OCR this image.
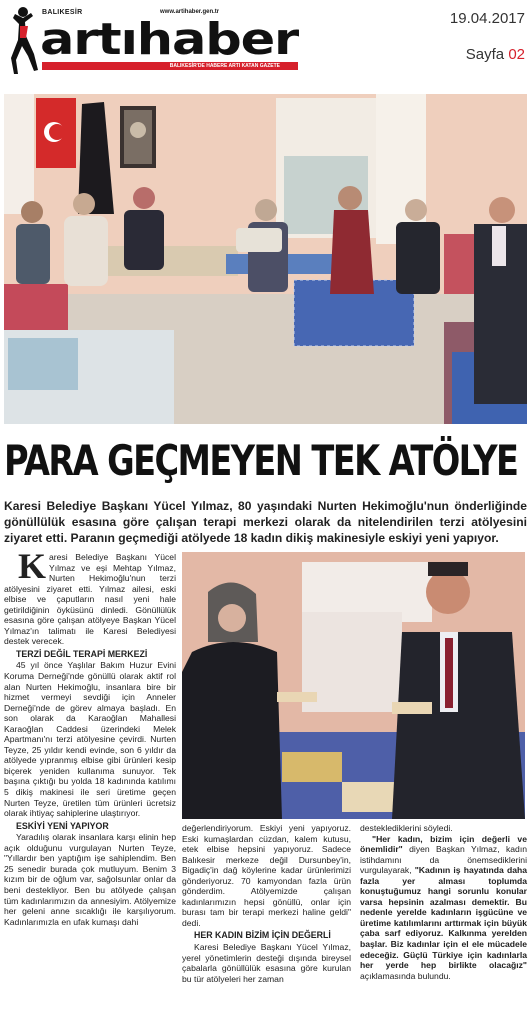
BALIKESİR	www.artihaber.gen.tr
artıhaber
BALIKESİR'DE HABERE ARTI KATAN GAZETE
19.04.2017
Sayfa 02
PARA GEÇMEYEN TEK ATÖLYE
Karesi Belediye Başkanı Yücel Yılmaz, 80 yaşındaki Nurten Hekimoğlu'nun önderliğinde gönüllülük esasına göre çalışan terapi merkezi olarak da nitelendirilen terzi atölyesini ziyaret etti. Paranın geçmediği atölyede 18 kadın dikiş makinesiyle eskiyi yeni yapıyor.

Karesi Belediye Başkanı Yücel Yılmaz ve eşi Mehtap Yılmaz, Nurten Hekimoğlu'nun terzi atölyesini ziyaret etti. Yılmaz ailesi, eski elbise ve çaputların nasıl yeni hale getirildiğinin öyküsünü dinledi. Gönüllülük esasına göre çalışan atölyeye Başkan Yücel Yılmaz'ın talimatı ile Karesi Belediyesi destek verecek.

TERZİ DEĞİL TERAPİ MERKEZİ

45 yıl önce Yaşlılar Bakım Huzur Evini Koruma Derneği'nde gönüllü olarak aktif rol alan Nurten Hekimoğlu, insanlara bire bir hizmet vermeyi sevdiği için Anneler Derneği'nde de görev almaya başladı. En son olarak da Karaoğlan Mahallesi Karaoğlan Caddesi üzerindeki Melek Apartmanı'nı terzi atölyesine çevirdi. Nurten Teyze, 25 yıldır kendi evinde, son 6 yıldır da atölyede yıpranmış elbise gibi ürünleri kesip biçerek yeniden kullanıma sunuyor. Tek başına çıktığı bu yolda 18 kadınında katılımı 5 dikiş makinesi ile seri üretime geçen Nurten Teyze, üretilen tüm ürünleri ücretsiz olarak ihtiyaç sahiplerine ulaştırıyor.

ESKİYİ YENİ YAPIYOR

Yaradılış olarak insanlara karşı elinin hep açık olduğunu vurgulayan Nurten Teyze, "Yıllardır ben yaptığım işe sahiplendim. Ben 25 senedir burada çok mutluyum. Benim 3 kızım bir de oğlum var, sağolsunlar onlar da beni destekliyor. Ben bu atölyede çalışan tüm kadınlarımızın da annesiyim. Atölyemize her geleni anne sıcaklığı ile karşılıyorum. Kadınlarımızla en ufak kumaşı dahi

değerlendiriyorum. Eskiyi yeni yapıyoruz. Eski kumaşlardan cüzdan, kalem kutusu, etek elbise hepsini yapıyoruz. Sadece Balıkesir merkeze değil Dursunbey'in, Bigadiç'in dağ köylerine kadar ürünlerimizi gönderiyoruz. 70 kamyondan fazla ürün gönderdim. Atölyemizde çalışan kadınlarımızın hepsi gönüllü, onlar için burası tam bir terapi merkezi haline geldi" dedi.

HER KADIN BİZİM İÇİN DEĞERLİ

Karesi Belediye Başkanı Yücel Yılmaz, yerel yönetimlerin desteği dışında bireysel çabalarla gönüllülük esasına göre kurulan bu tür atölyeleri her zaman

desteklediklerini söyledi.

"Her kadın, bizim için değerli ve önemlidir" diyen Başkan Yılmaz, kadın istihdamını da önemsediklerini vurgulayarak, "Kadının iş hayatında daha fazla yer alması toplumda konuştuğumuz hangi sorunlu konular varsa hepsinin azalması demektir. Bu nedenle yerelde kadınların işgücüne ve üretime katılımlarını arttırmak için büyük çaba sarf ediyoruz. Kalkınma yerelden başlar. Biz kadınlar için el ele mücadele edeceğiz. Güçlü Türkiye için kadınlarla her yerde hep birlikte olacağız" açıklamasında bulundu.
